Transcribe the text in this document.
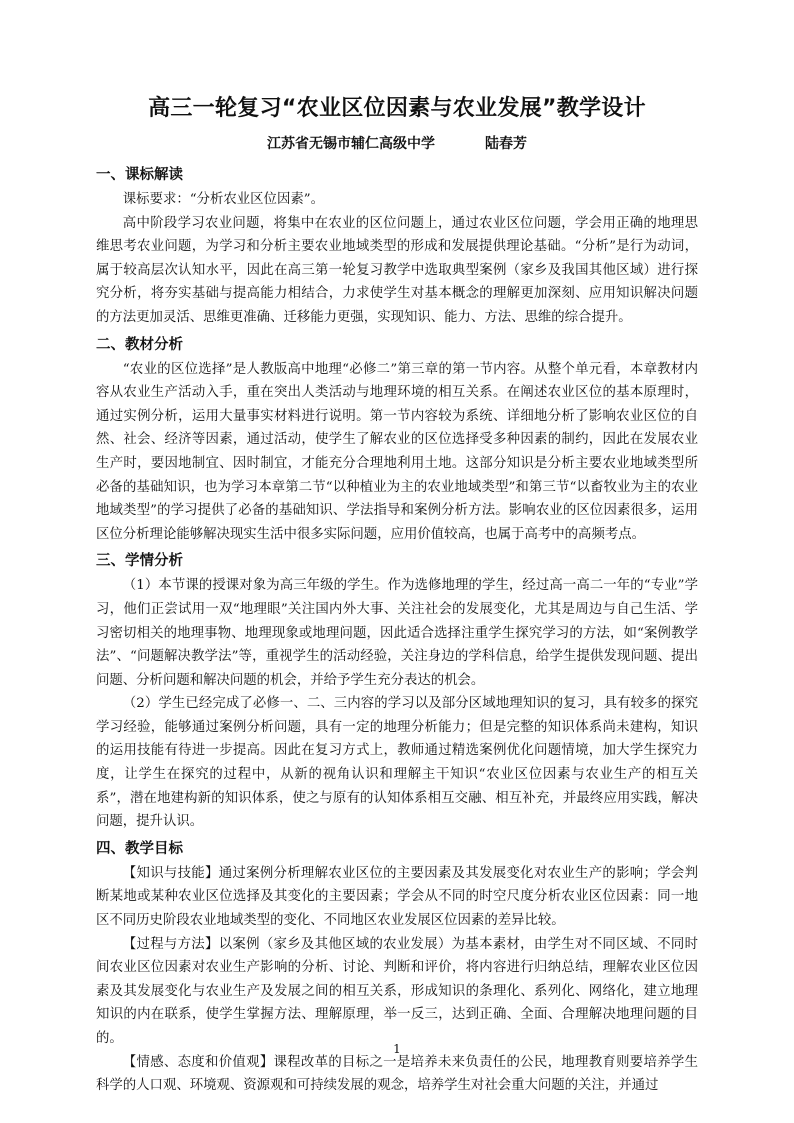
高三一轮复习“农业区位因素与农业发展”教学设计
江苏省无锡市辅仁高级中学	陆春芳
一、课标解读

课标要求：“分析农业区位因素”。

高中阶段学习农业问题，将集中在农业的区位问题上，通过农业区位问题，学会用正确的地理思维思考农业问题，为学习和分析主要农业地域类型的形成和发展提供理论基础。“分析”是行为动词，属于较高层次认知水平，因此在高三第一轮复习教学中选取典型案例（家乡及我国其他区域）进行探究分析，将夯实基础与提高能力相结合，力求使学生对基本概念的理解更加深刻、应用知识解决问题的方法更加灵活、思维更准确、迁移能力更强，实现知识、能力、方法、思维的综合提升。

二、教材分析

“农业的区位选择”是人教版高中地理“必修二”第三章的第一节内容。从整个单元看，本章教材内容从农业生产活动入手，重在突出人类活动与地理环境的相互关系。在阐述农业区位的基本原理时，通过实例分析，运用大量事实材料进行说明。第一节内容较为系统、详细地分析了影响农业区位的自然、社会、经济等因素，通过活动，使学生了解农业的区位选择受多种因素的制约，因此在发展农业生产时，要因地制宜、因时制宜，才能充分合理地利用土地。这部分知识是分析主要农业地域类型所必备的基础知识，也为学习本章第二节“以种植业为主的农业地域类型”和第三节“以畜牧业为主的农业地域类型”的学习提供了必备的基础知识、学法指导和案例分析方法。影响农业的区位因素很多，运用区位分析理论能够解决现实生活中很多实际问题，应用价值较高，也属于高考中的高频考点。

三、学情分析

（1）本节课的授课对象为高三年级的学生。作为选修地理的学生，经过高一高二一年的“专业”学习，他们正尝试用一双“地理眼”关注国内外大事、关注社会的发展变化，尤其是周边与自己生活、学习密切相关的地理事物、地理现象或地理问题，因此适合选择注重学生探究学习的方法，如“案例教学法”、“问题解决教学法”等，重视学生的活动经验，关注身边的学科信息，给学生提供发现问题、提出问题、分析问题和解决问题的机会，并给予学生充分表达的机会。

（2）学生已经完成了必修一、二、三内容的学习以及部分区域地理知识的复习，具有较多的探究学习经验，能够通过案例分析问题，具有一定的地理分析能力；但是完整的知识体系尚未建构，知识的运用技能有待进一步提高。因此在复习方式上，教师通过精选案例优化问题情境，加大学生探究力度，让学生在探究的过程中，从新的视角认识和理解主干知识“农业区位因素与农业生产的相互关系”，潜在地建构新的知识体系，使之与原有的认知体系相互交融、相互补充，并最终应用实践，解决问题，提升认识。

四、教学目标

【知识与技能】通过案例分析理解农业区位的主要因素及其发展变化对农业生产的影响；学会判断某地或某种农业区位选择及其变化的主要因素；学会从不同的时空尺度分析农业区位因素：同一地区不同历史阶段农业地域类型的变化、不同地区农业发展区位因素的差异比较。

【过程与方法】以案例（家乡及其他区域的农业发展）为基本素材，由学生对不同区域、不同时间农业区位因素对农业生产影响的分析、讨论、判断和评价，将内容进行归纳总结，理解农业区位因素及其发展变化与农业生产及发展之间的相互关系，形成知识的条理化、系列化、网络化，建立地理知识的内在联系，使学生掌握方法、理解原理，举一反三，达到正确、全面、合理解决地理问题的目的。

【情感、态度和价值观】课程改革的目标之一是培养未来负责任的公民，地理教育则要培养学生科学的人口观、环境观、资源观和可持续发展的观念，培养学生对社会重大问题的关注，并通过

1
